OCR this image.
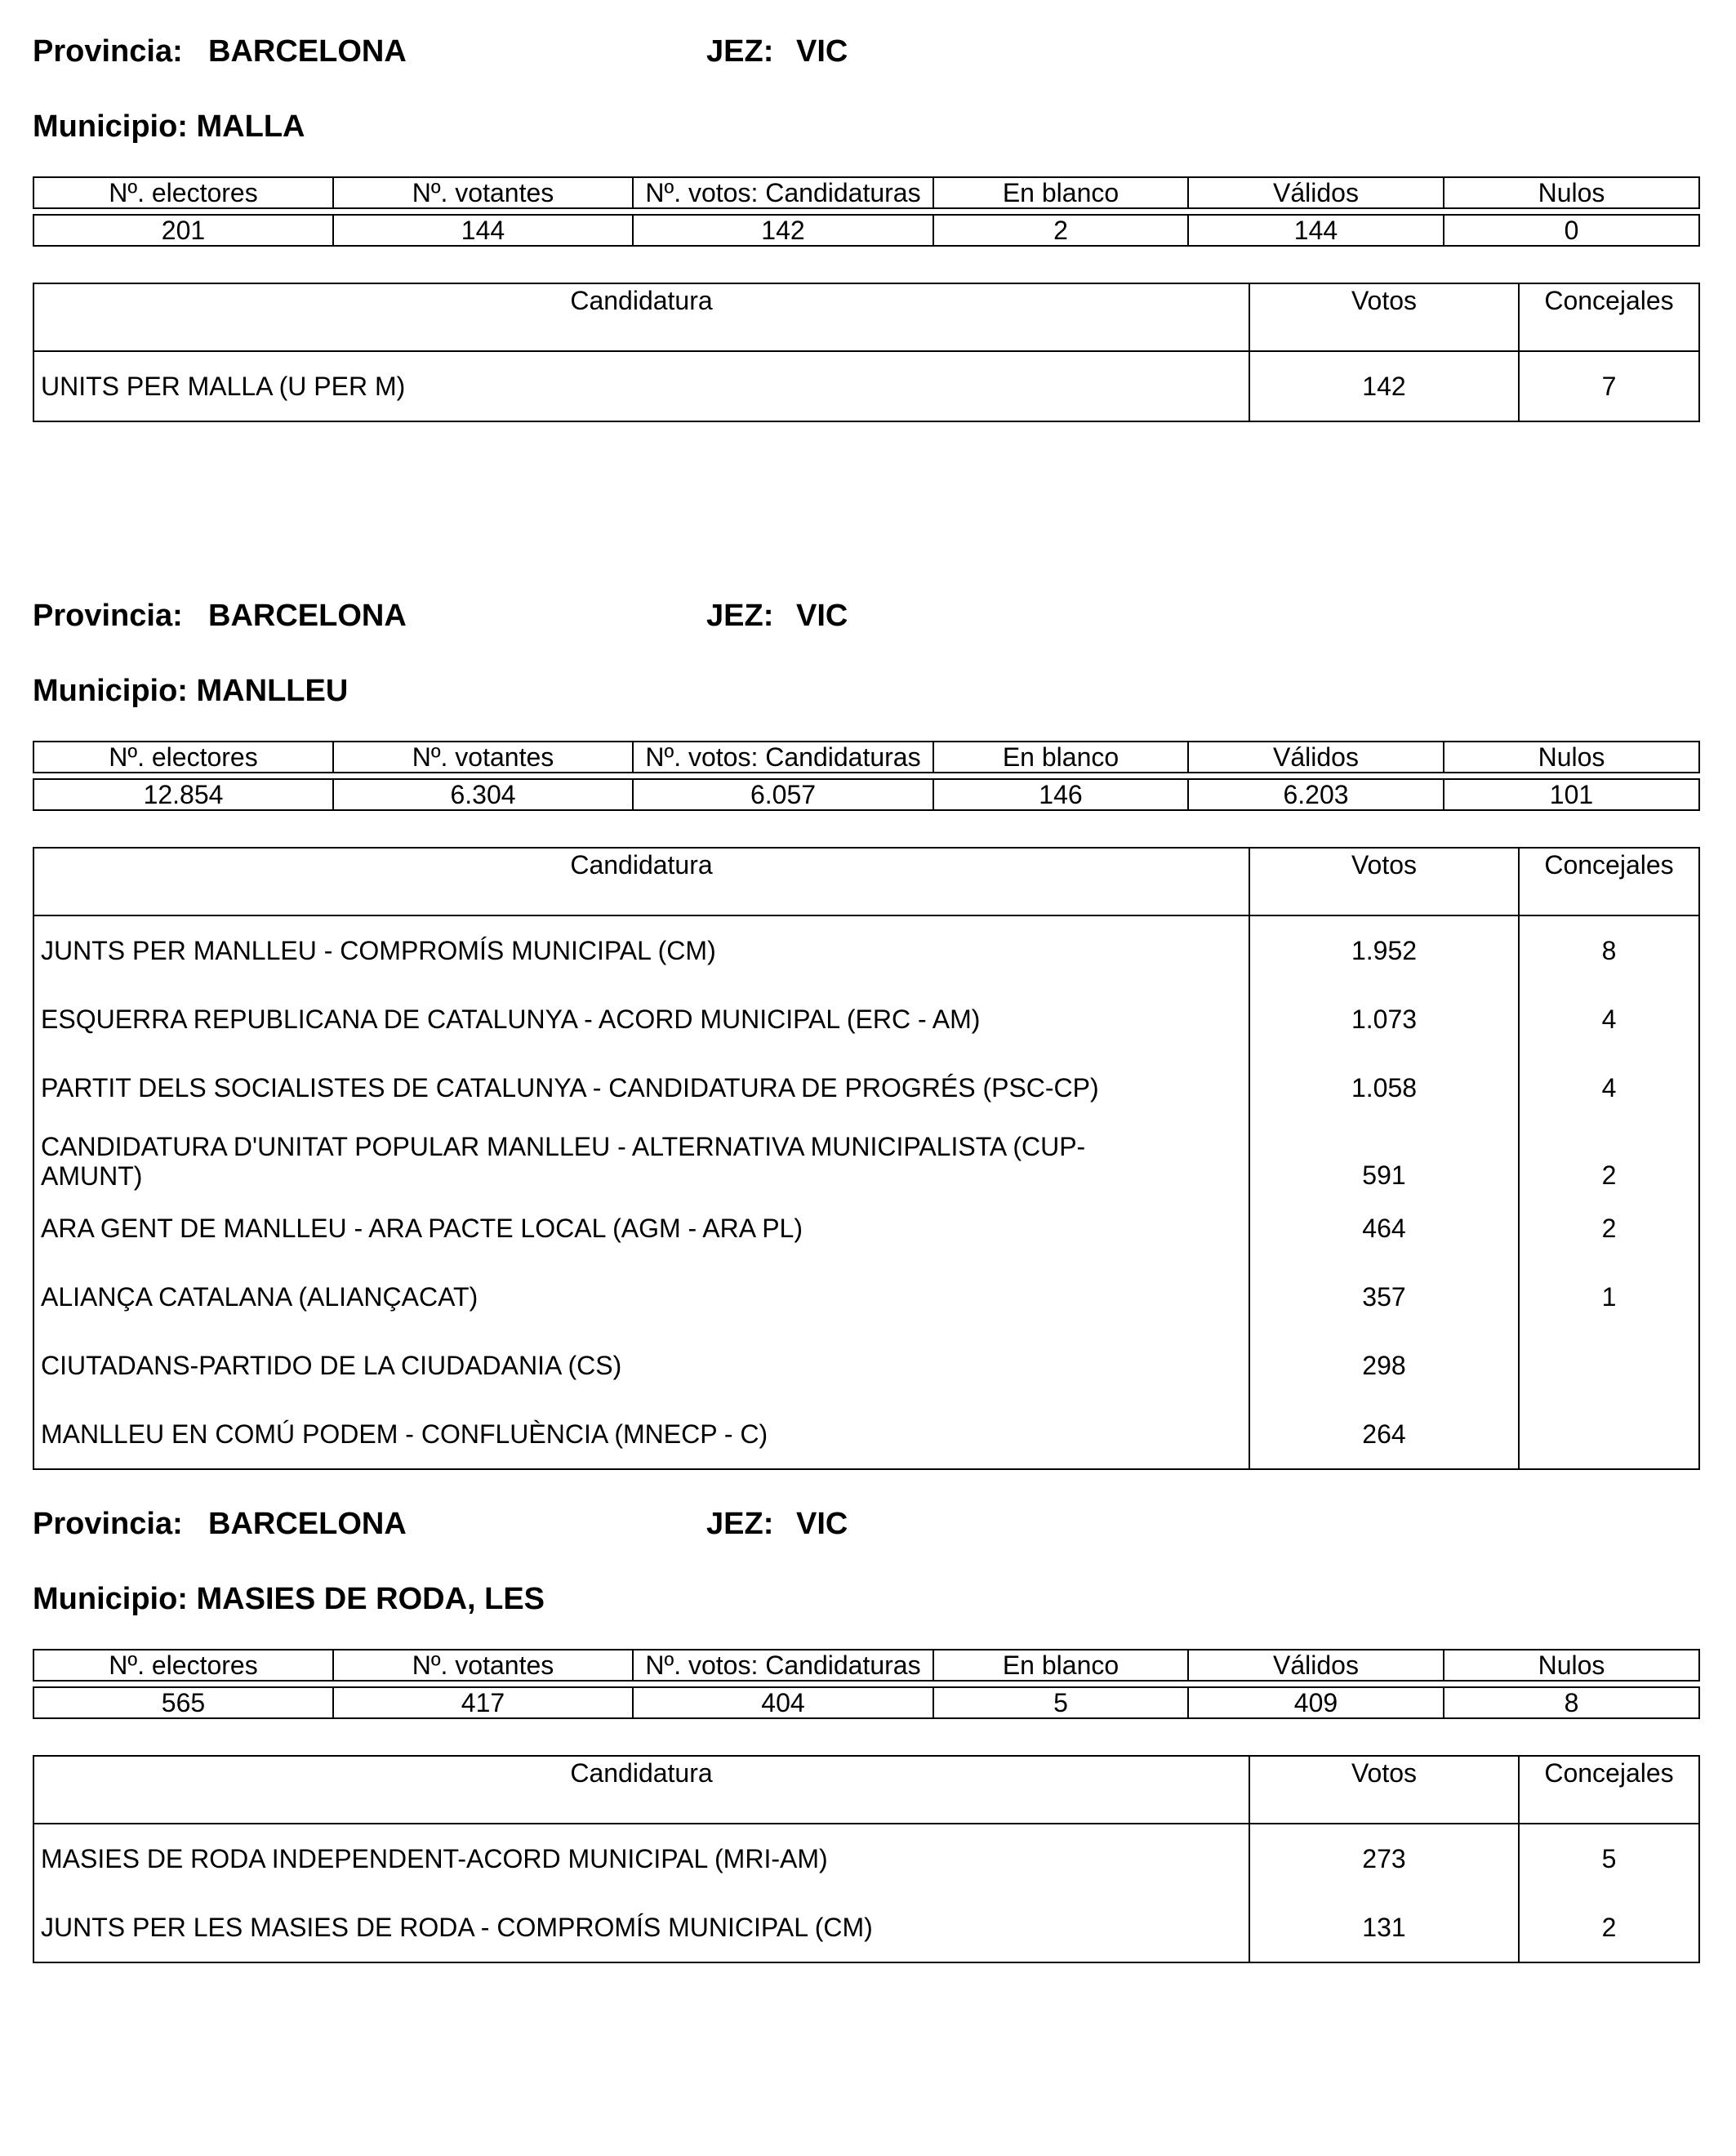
Provincia: BARCELONA	JEZ: VIC
Municipio: MALLA
Nº. electores	Nº. votantes	Nº. votos: Candidaturas	En blanco	Válidos	Nulos

201	144	142	2	144	0
Candidatura	Votos	Concejales
UNITS PER MALLA (U PER M)	142	7
Provincia: BARCELONA	JEZ: VIC
Municipio: MANLLEU
Nº. electores	Nº. votantes	Nº. votos: Candidaturas	En blanco	Válidos	Nulos

12.854	6.304	6.057	146	6.203	101
Candidatura	Votos	Concejales
JUNTS PER MANLLEU - COMPROMÍS MUNICIPAL (CM)	1.952	8
ESQUERRA REPUBLICANA DE CATALUNYA - ACORD MUNICIPAL (ERC - AM)	1.073	4
PARTIT DELS SOCIALISTES DE CATALUNYA - CANDIDATURA DE PROGRÉS (PSC-CP)	1.058	4
CANDIDATURA D'UNITAT POPULAR MANLLEU - ALTERNATIVA MUNICIPALISTA (CUP-AMUNT)	591	2
ARA GENT DE MANLLEU - ARA PACTE LOCAL (AGM - ARA PL)	464	2
ALIANÇA CATALANA (ALIANÇACAT)	357	1
CIUTADANS-PARTIDO DE LA CIUDADANIA (CS)	298	
MANLLEU EN COMÚ PODEM - CONFLUÈNCIA (MNECP - C)	264	
Provincia: BARCELONA	JEZ: VIC
Municipio: MASIES DE RODA, LES
Nº. electores	Nº. votantes	Nº. votos: Candidaturas	En blanco	Válidos	Nulos

565	417	404	5	409	8
Candidatura	Votos	Concejales
MASIES DE RODA INDEPENDENT-ACORD MUNICIPAL (MRI-AM)	273	5
JUNTS PER LES MASIES DE RODA - COMPROMÍS MUNICIPAL (CM)	131	2
